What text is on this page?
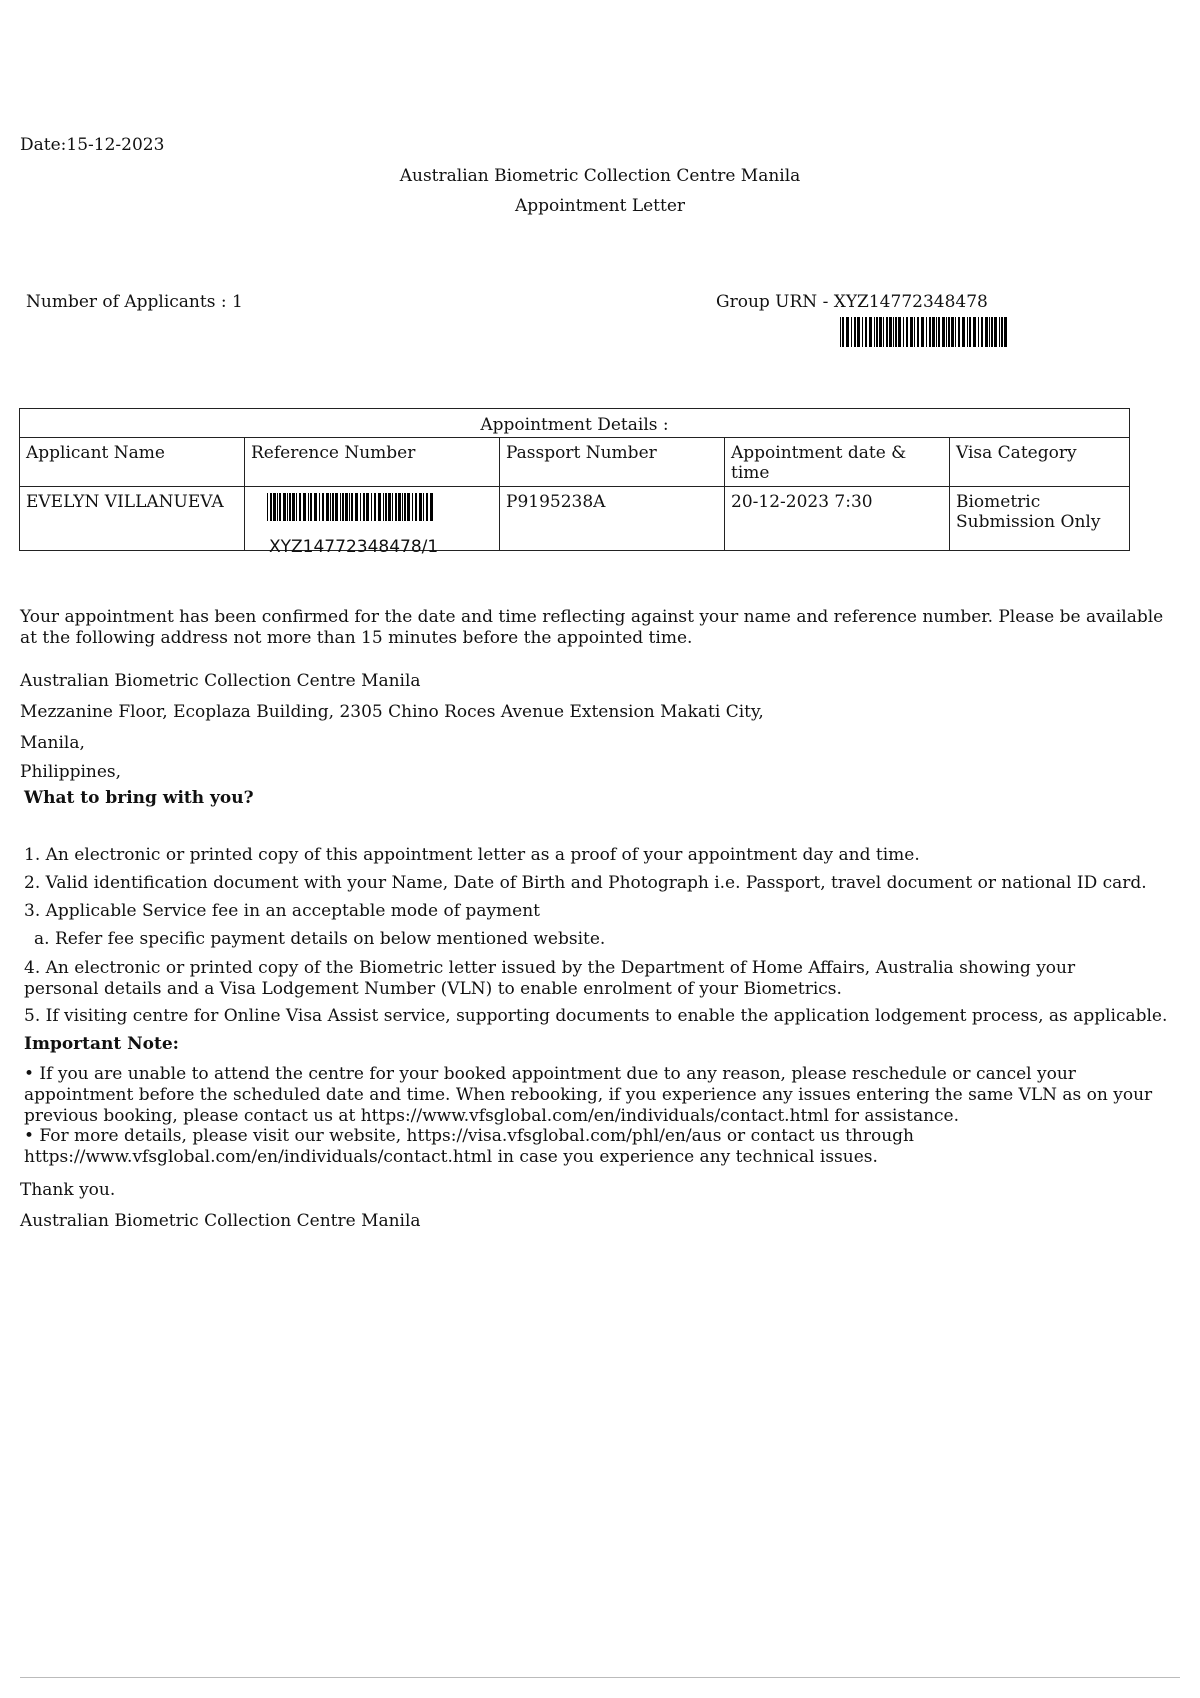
Date:15-12-2023
Australian Biometric Collection Centre Manila
Appointment Letter
Number of Applicants : 1	Group URN - XYZ14772348478
Appointment Details :				
Applicant Name	Reference Number	Passport Number	Appointment date & time	Visa Category
EVELYN VILLANUEVA	XYZ14772348478/1	P9195238A	20-12-2023 7:30	Biometric Submission Only
Your appointment has been confirmed for the date and time reflecting against your name and reference number. Please be available at the following address not more than 15 minutes before the appointed time.
Australian Biometric Collection Centre Manila
Mezzanine Floor, Ecoplaza Building, 2305 Chino Roces Avenue Extension Makati City,
Manila,
Philippines,
What to bring with you?
1. An electronic or printed copy of this appointment letter as a proof of your appointment day and time.
2. Valid identification document with your Name, Date of Birth and Photograph i.e. Passport, travel document or national ID card.
3. Applicable Service fee in an acceptable mode of payment
a. Refer fee specific payment details on below mentioned website.
4. An electronic or printed copy of the Biometric letter issued by the Department of Home Affairs, Australia showing your personal details and a Visa Lodgement Number (VLN) to enable enrolment of your Biometrics.
5. If visiting centre for Online Visa Assist service, supporting documents to enable the application lodgement process, as applicable.
Important Note:
• If you are unable to attend the centre for your booked appointment due to any reason, please reschedule or cancel your appointment before the scheduled date and time. When rebooking, if you experience any issues entering the same VLN as on your previous booking, please contact us at https://www.vfsglobal.com/en/individuals/contact.html for assistance.
• For more details, please visit our website, https://visa.vfsglobal.com/phl/en/aus or contact us through https://www.vfsglobal.com/en/individuals/contact.html in case you experience any technical issues.
Thank you.
Australian Biometric Collection Centre Manila
